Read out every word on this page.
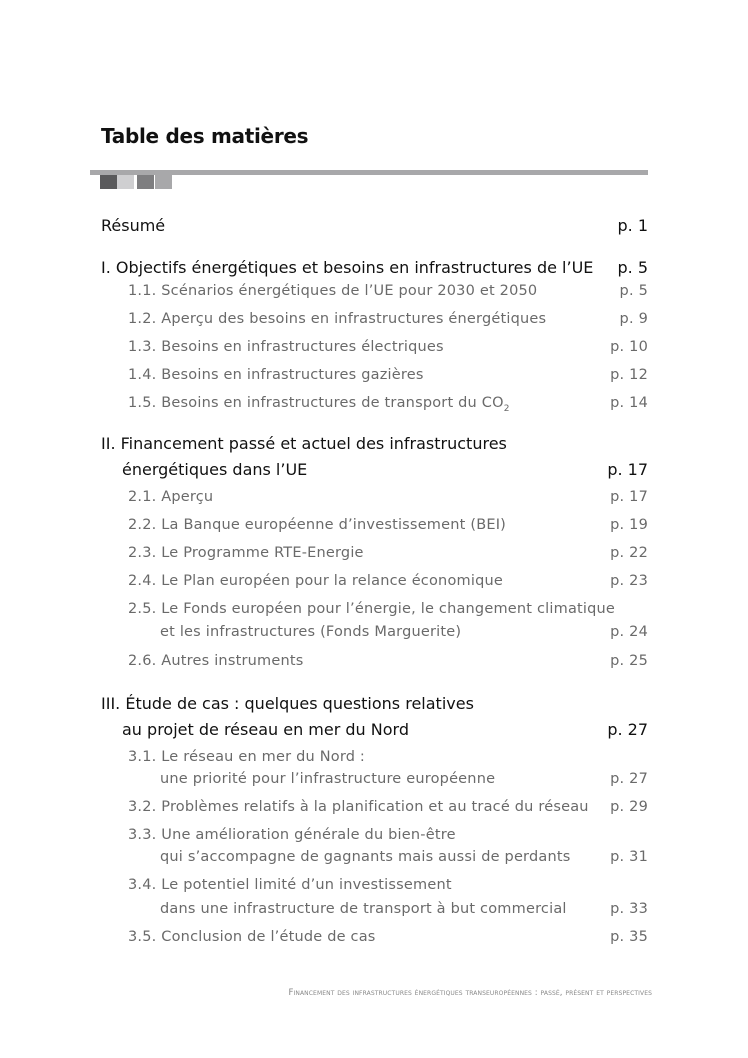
Table des matières
Résumé	p. 1
I. Objectifs énergétiques et besoins en infrastructures de l’UE p. 5
1.1. Scénarios énergétiques de l’UE pour 2030 et 2050	p. 5
1.2. Aperçu des besoins en infrastructures énergétiques	p. 9
1.3. Besoins en infrastructures électriques	p. 10
1.4. Besoins en infrastructures gazières	p. 12
1.5. Besoins en infrastructures de transport du $CO_2$	p. 14
II. Financement passé et actuel des infrastructures
énergétiques dans l’UE	p. 17
2.1. Aperçu	p. 17
2.2. La Banque européenne d’investissement (BEI)	p. 19
2.3. Le Programme RTE-Energie	p. 22
2.4. Le Plan européen pour la relance économique	p. 23
2.5. Le Fonds européen pour l’énergie, le changement climatique
et les infrastructures (Fonds Marguerite)	p. 24
2.6. Autres instruments	p. 25
III. Étude de cas : quelques questions relatives
au projet de réseau en mer du Nord	p. 27
3.1. Le réseau en mer du Nord :
une priorité pour l’infrastructure européenne	p. 27
3.2. Problèmes relatifs à la planification et au tracé du réseau p. 29
3.3. Une amélioration générale du bien-être
qui s’accompagne de gagnants mais aussi de perdants	p. 31
3.4. Le potentiel limité d’un investissement
dans une infrastructure de transport à but commercial	p. 33
3.5. Conclusion de l’étude de cas	p. 35
Financement des infrastructures énergétiques transeuropéennes : passé, présent et perspectives
